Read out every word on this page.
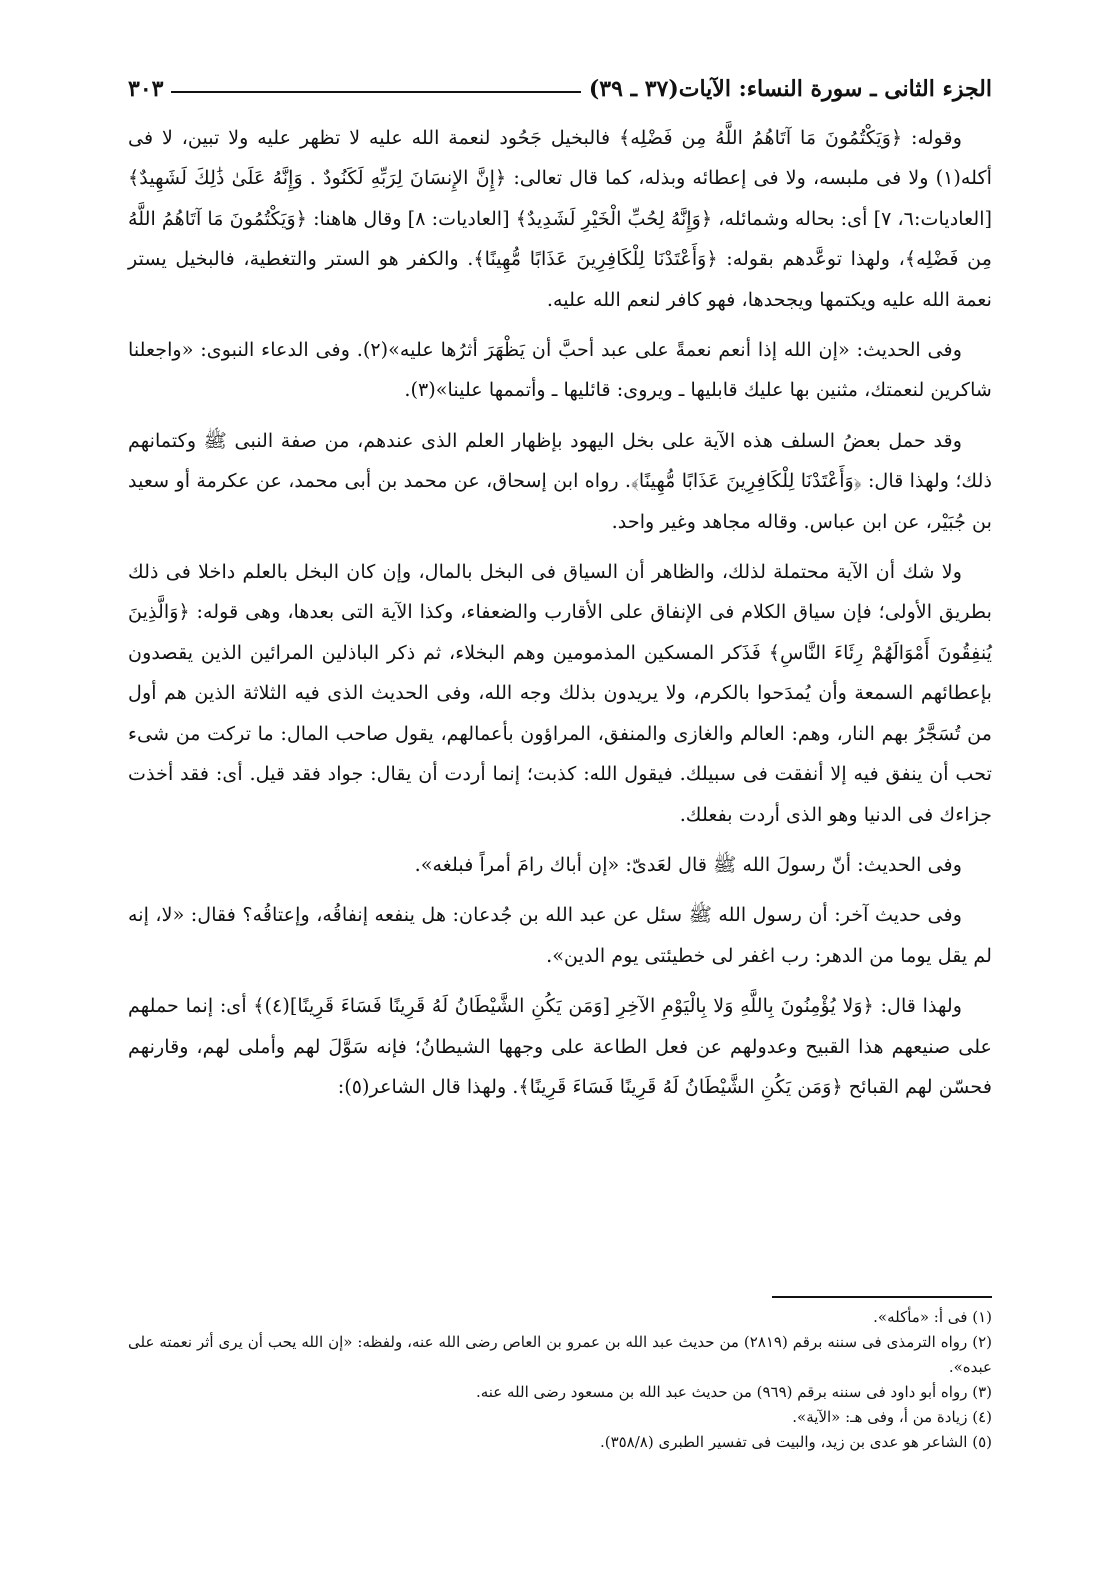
الجزء الثانى ـ سورة النساء: الآيات(٣٧ ـ ٣٩)
٣٠٣

وقوله: ﴿وَيَكْتُمُونَ مَا آتَاهُمُ اللَّهُ مِن فَضْلِه﴾ فالبخيل جَحُود لنعمة الله عليه لا تظهر عليه ولا تبين، لا فى أكله(١) ولا فى ملبسه، ولا فى إعطائه وبذله، كما قال تعالى: ﴿إِنَّ الإِنسَانَ لِرَبِّهِ لَكَنُودٌ . وَإِنَّهُ عَلَىٰ ذَٰلِكَ لَشَهِيدٌ﴾ [العاديات:٦، ٧] أى: بحاله وشمائله، ﴿وَإِنَّهُ لِحُبِّ الْخَيْرِ لَشَدِيدٌ﴾ [العاديات: ٨] وقال هاهنا: ﴿وَيَكْتُمُونَ مَا آتَاهُمُ اللَّهُ مِن فَضْلِه﴾، ولهذا توعَّدهم بقوله: ﴿وَأَعْتَدْنَا لِلْكَافِرِينَ عَذَابًا مُّهِينًا﴾. والكفر هو الستر والتغطية، فالبخيل يستر نعمة الله عليه ويكتمها ويجحدها، فهو كافر لنعم الله عليه.

وفى الحديث: «إن الله إذا أنعم نعمةً على عبد أحبَّ أن يَظْهَرَ أثرُها عليه»(٢). وفى الدعاء النبوى: «واجعلنا شاكرين لنعمتك، مثنين بها عليك قابليها ـ ويروى: قائليها ـ وأتممها علينا»(٣).

وقد حمل بعضُ السلف هذه الآية على بخل اليهود بإظهار العلم الذى عندهم، من صفة النبى ﷺ وكتمانهم ذلك؛ ولهذا قال: ﴿وَأَعْتَدْنَا لِلْكَافِرِينَ عَذَابًا مُّهِينًا﴾. رواه ابن إسحاق، عن محمد بن أبى محمد، عن عكرمة أو سعيد بن جُبَيْر، عن ابن عباس. وقاله مجاهد وغير واحد.

ولا شك أن الآية محتملة لذلك، والظاهر أن السياق فى البخل بالمال، وإن كان البخل بالعلم داخلا فى ذلك بطريق الأولى؛ فإن سياق الكلام فى الإنفاق على الأقارب والضعفاء، وكذا الآية التى بعدها، وهى قوله: ﴿وَالَّذِينَ يُنفِقُونَ أَمْوَالَهُمْ رِئَاءَ النَّاسِ﴾ فَذَكر المسكين المذمومين وهم البخلاء، ثم ذكر الباذلين المرائين الذين يقصدون بإعطائهم السمعة وأن يُمدَحوا بالكرم، ولا يريدون بذلك وجه الله، وفى الحديث الذى فيه الثلاثة الذين هم أول من تُسَجَّرُ بهم النار، وهم: العالم والغازى والمنفق، المراؤون بأعمالهم، يقول صاحب المال: ما تركت من شىء تحب أن ينفق فيه إلا أنفقت فى سبيلك. فيقول الله: كذبت؛ إنما أردت أن يقال: جواد فقد قيل. أى: فقد أخذت جزاءك فى الدنيا وهو الذى أردت بفعلك.

وفى الحديث: أنّ رسولَ الله ﷺ قال لعَدىّ: «إن أباك رامَ أمراً فبلغه».

وفى حديث آخر: أن رسول الله ﷺ سئل عن عبد الله بن جُدعان: هل ينفعه إنفاقُه، وإعتاقُه؟ فقال: «لا، إنه لم يقل يوما من الدهر: رب اغفر لى خطيئتى يوم الدين».

ولهذا قال: ﴿وَلا يُؤْمِنُونَ بِاللَّهِ وَلا بِالْيَوْمِ الآخِرِ [وَمَن يَكُنِ الشَّيْطَانُ لَهُ قَرِينًا فَسَاءَ قَرِينًا](٤)﴾ أى: إنما حملهم على صنيعهم هذا القبيح وعدولهم عن فعل الطاعة على وجهها الشيطانُ؛ فإنه سَوَّلَ لهم وأملى لهم، وقارنهم فحسّن لهم القبائح ﴿وَمَن يَكُنِ الشَّيْطَانُ لَهُ قَرِينًا فَسَاءَ قَرِينًا﴾. ولهذا قال الشاعر(٥):

(١) فى أ: «مأكله».

(٢) رواه الترمذى فى سننه برقم (٢٨١٩) من حديث عبد الله بن عمرو بن العاص رضى الله عنه، ولفظه: «إن الله يحب أن يرى أثر نعمته على عبده».

(٣) رواه أبو داود فى سننه برقم (٩٦٩) من حديث عبد الله بن مسعود رضى الله عنه.

(٤) زيادة من أ، وفى هـ: «الآية».

(٥) الشاعر هو عدى بن زيد، والبيت فى تفسير الطبرى (٣٥٨/٨).
